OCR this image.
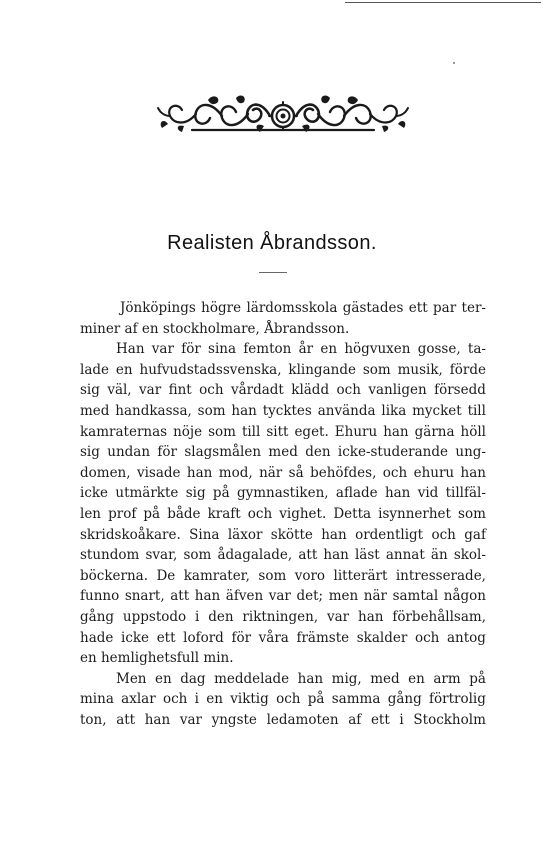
Realisten Åbrandsson.
Jönköpings högre lärdomsskola gästades ett par ter-
miner af en stockholmare, Åbrandsson.
Han var för sina femton år en högvuxen gosse, ta-
lade en hufvudstadssvenska, klingande som musik, förde
sig väl, var fint och vårdadt klädd och vanligen försedd
med handkassa, som han tycktes använda lika mycket till
kamraternas nöje som till sitt eget. Ehuru han gärna höll
sig undan för slagsmålen med den icke-studerande ung-
domen, visade han mod, när så behöfdes, och ehuru han
icke utmärkte sig på gymnastiken, aflade han vid tillfäl-
len prof på både kraft och vighet. Detta isynnerhet som
skridskoåkare. Sina läxor skötte han ordentligt och gaf
stundom svar, som ådagalade, att han läst annat än skol-
böckerna. De kamrater, som voro litterärt intresserade,
funno snart, att han äfven var det; men när samtal någon
gång uppstodo i den riktningen, var han förbehållsam,
hade icke ett loford för våra främste skalder och antog
en hemlighetsfull min.
Men en dag meddelade han mig, med en arm på
mina axlar och i en viktig och på samma gång förtrolig
ton, att han var yngste ledamoten af ett i Stockholm
